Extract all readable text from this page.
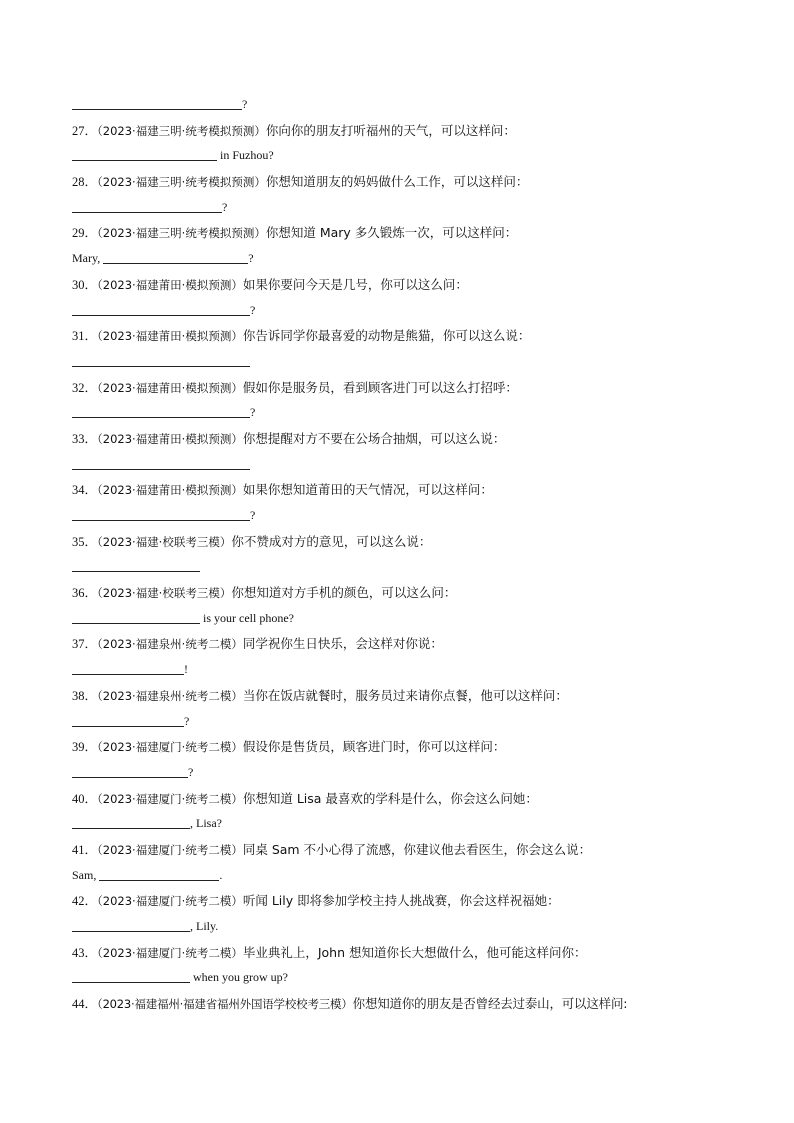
?
27．（2023·福建三明·统考模拟预测）你向你的朋友打听福州的天气，可以这样问：
in Fuzhou?
28．（2023·福建三明·统考模拟预测）你想知道朋友的妈妈做什么工作，可以这样问：
?
29．（2023·福建三明·统考模拟预测）你想知道 Mary 多久锻炼一次，可以这样问：
Mary,	?
30．（2023·福建莆田·模拟预测）如果你要问今天是几号，你可以这么问：
?
31．（2023·福建莆田·模拟预测）你告诉同学你最喜爱的动物是熊猫，你可以这么说：
32．（2023·福建莆田·模拟预测）假如你是服务员，看到顾客进门可以这么打招呼：
?
33．（2023·福建莆田·模拟预测）你想提醒对方不要在公场合抽烟，可以这么说：
34．（2023·福建莆田·模拟预测）如果你想知道莆田的天气情况，可以这样问：
?
35．（2023·福建·校联考三模）你不赞成对方的意见，可以这么说：
36．（2023·福建·校联考三模）你想知道对方手机的颜色，可以这么问：
is your cell phone?
37．（2023·福建泉州·统考二模）同学祝你生日快乐，会这样对你说：
!
38．（2023·福建泉州·统考二模）当你在饭店就餐时，服务员过来请你点餐，他可以这样问：
?
39．（2023·福建厦门·统考二模）假设你是售货员，顾客进门时，你可以这样问：
?
40．（2023·福建厦门·统考二模）你想知道 Lisa 最喜欢的学科是什么，你会这么问她：
, Lisa?
41．（2023·福建厦门·统考二模）同桌 Sam 不小心得了流感，你建议他去看医生，你会这么说：
Sam,	.
42．（2023·福建厦门·统考二模）听闻 Lily 即将参加学校主持人挑战赛，你会这样祝福她：
, Lily.
43．（2023·福建厦门·统考二模）毕业典礼上，John 想知道你长大想做什么，他可能这样问你：
when you grow up?
44．（2023·福建福州·福建省福州外国语学校校考三模）你想知道你的朋友是否曾经去过泰山，可以这样问:
